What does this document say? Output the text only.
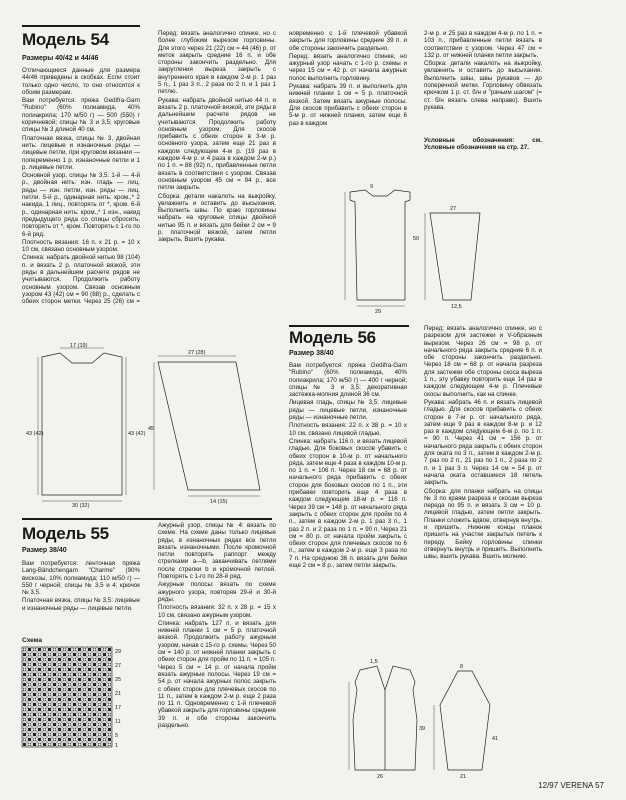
Модель 54
Размеры 40/42 и 44/46

Отличающиеся данные для размера 44/46 приведены в скобках. Если стоит только одно число, то оно относится к обоим размерам.

Вам потребуется: пряжа Gedifra-Garn "Rubino" (60% полиамида, 40% полиакрила; 170 м/50 г) — 500 (550) г коричневой; спицы № 3 и 3,5; круговые спицы № 3 длиной 40 см.

Платочная вязка, спицы № 3, двойная нить: лицевые и изнаночные ряды — лицевые петли, при круговом вязании — попеременно 1 р. изнаночные петли и 1 р. лицевые петли.

Основной узор, спицы № 3,5: 1-й — 4-й р., двойная нить: изн. гладь — лиц. ряды — изн. петли, изн. ряды — лиц. петли. 5-й р., одинарная нить: кром.,* 2 накида, 1 лиц., повторять от *, кром. 6-й р., одинарная нить: кром.,* 1 изн., накид предыдущего ряда со спицы сбросить, повторять от *, кром. Повторять с 1-го по 6-й ряд.

Плотность вязания: 16 п. x 21 р. = 10 x 10 см, связано основным узором.

Спинка: набрать двойной нитью 98 (104) п. и вязать 2 р. платочной вязкой, эти ряды в дальнейшем расчете рядов не учитываются. Продолжить работу основным узором. Связав основным узором 43 (42) см = 90 (88) р., сделать с обеих сторон метки. Через 25 (26) см =

Перед: вязать аналогично спинке, но с более глубоким вырезом горловины. Для этого через 21 (22) см = 44 (46) р. от меток закрыть средние 16 п. и обе стороны закончить раздельно. Для закругления выреза закрыть с внутреннего края в каждом 2-м р. 1 раз 5 п., 1 раз 3 п., 2 раза по 2 п. и 1 раз 1 петлю.

Рукава: набрать двойной нитью 44 п. и вязать 2 р. платочной вязкой, эти ряды в дальнейшем расчете рядов не учитываются. Продолжить работу основным узором. Для скосов прибавить с обеих сторон в 3-м р. основного узора, затем еще 21 раз в каждом следующем 4-м р. (19 раз в каждом 4-м р. и 4 раза в каждом 2-м р.) по 1 п. = 88 (92) п., прибавленные петли вязать в соответствии с узором. Связав основным узором 45 см = 94 р., все петли закрыть.

Сборка: детали накалоть на выкройку, увлажнить и оставить до высыхания. Выполнить швы. По краю горловины набрать на круговые спицы двойной нитью 95 п. и вязать для бейки 2 см = 9 р. платочной вязкой, затем петли закрыть. Вшить рукава.

новременно с 1-й плечевой убавкой закрыть для горловины средние 39 п. и обе стороны закончить раздельно.

Перед: вязать аналогично спинке, но ажурный узор начать с 1-го р. схемы и через 15 см = 42 р. от начала ажурных полос выполнить горловину.

Рукава: набрать 39 п. и выполнить для нижней планки 1 см = 5 р. платочной вязкой. Затем вязать ажурные полосы. Для скосов прибавить с обеих сторон в 5-м р. от нижней планки, затем еще 6 раз в каждом

2-м р. и 25 раз в каждом 4-м р. по 1 п. = 103 п., прибавленные петли вязать в соответствии с узором. Через 47 см = 132 р. от нижней планки петли закрыть.

Сборка: детали накалоть на выкройку, увлажнить и оставить до высыхания. Выполнить швы, швы рукавов — до поперечной метки. Горловину обвязать крючком 1 р. ст. б/н и "рачьим шагом" (= ст. б/н вязать слева направо). Вшить рукава.

Условные обозначения: см. Условные обозначения на стр. 27.
17 (19)
43 (42)	43 (42)
30 (32)
27 (28)
45
14 (15)
9
50
29
27
12,5
Модель 55
Размер 38/40

Вам потребуется: ленточная пряжа Lang-Bändchengarn "Charme" (90% вискозы, 10% полиамида; 110 м/50 г) — 550 г черной; спицы № 3,5 и 4; крючок № 3,5.

Платочная вязка, спицы № 3,5: лицевые и изнаночные ряды — лицевые петли.

Схема
29
27
25
21
17
11
5
1

Ажурный узор, спицы № 4: вязать по схеме. На схеме даны только лицевые ряды, в изнаночных рядах все петли вязать изнаночными. После кромочной петли повторять раппорт между стрелками а—b, заканчивать петлями после стрелки b и кромочной петлей. Повторять с 1-го по 28-й ряд.

Ажурные полосы: вязать по схеме ажурного узора, повторяя 29-й и 30-й ряды.

Плотность вязания: 32 п. x 28 р. = 15 x 10 см, связано ажурным узором.

Спинка: набрать 127 п. и вязать для нижней планки 1 см = 5 р. платочной вязкой. Продолжить работу ажурным узором, начав с 15-го р. схемы. Через 50 см = 140 р. от нижней планки закрыть с обеих сторон для пройм по 11 п. = 105 п. Через 5 см = 14 р. от начала пройм вязать ажурные полосы. Через 19 см = 54 р. от начала ажурных полос закрыть с обеих сторон для плечевых скосов по 11 п., затем в каждом 2-м р. еще 2 раза по 11 п. Одновременно с 1-й плечевой убавкой закрыть для горловины средние 39 п. и обе стороны закончить раздельно.

Модель 56
Размер 38/40

Вам потребуется: пряжа Gedifra-Garn "Rubino" (60% полиамида, 40% полиакрила; 170 м/50 г) — 400 г черной; спицы № 3 и 3,5; декоративная застежка-молния длиной 36 см.

Лицевая гладь, спицы № 3,5: лицевые ряды — лицевые петли, изнаночные ряды — изнаночные петли.

Плотность вязания: 22 п. x 38 р. = 10 x 10 см, связано лицевой гладью.

Спинка: набрать 116 п. и вязать лицевой гладью. Для боковых скосов убавить с обеих сторон в 10-м р. от начального ряда, затем еще 4 раза в каждом 10-м р. по 1 п. = 106 п. Через 18 см = 68 р. от начального ряда прибавить с обеих сторон для боковых скосов по 1 п., эти прибавки повторить еще 4 раза в каждом следующем 18-м р. = 116 п. Через 39 см = 148 р. от начального ряда закрыть с обеих сторон для пройм по 4 п., затем в каждом 2-м р. 1 раз 3 п., 1 раз 2 п. и 2 раза по 1 п. = 90 п. Через 21 см = 80 р. от начала пройм закрыть с обеих сторон для плечевых скосов по 6 п., затем в каждом 2-м р. еще 3 раза по 7 п. На среднюю 36 п. вязать для бейки еще 2 см = 8 р., затем петли закрыть.

Перед: вязать аналогично спинке, но с разрезом для застежки и V-образным вырезом. Через 26 см = 98 р. от начального ряда закрыть средние 6 п. и обе стороны закончить раздельно. Через 18 см = 68 р. от начала разреза для застежки обе стороны скоса выреза 1 п., эту убавку повторить еще 14 раз в каждом следующем 4-м р. Плечевые скосы выполнить, как на спинке.

Рукава: набрать 46 п. и вязать лицевой гладью. Для скосов прибавить с обеих сторон в 7-м р. от начального ряда, затем еще 9 раз в каждом 8-м р. и 12 раз в каждом следующем 6-м р. по 1 п. = 90 п. Через 41 см = 156 р. от начального ряда закрыть с обеих сторон для оката по 3 п., затем в каждом 2-м р. 7 раз по 2 п., 21 раз по 1 п., 2 раза по 2 п. и 1 раз 3 п. Через 14 см = 54 р. от начала оката оставшиеся 18 петель закрыть.

Сборка: для планки набрать на спицы № 3 по краям разреза и скосам выреза переда по 95 п. и вязать 3 см = 10 р. лицевой гладью, затем петли закрыть. Планки сложить вдвое, отвернув внутрь, и пришить. Нижние концы планок пришить на участке закрытых петель к переду. Бейку горловины спинки отвернуть внутрь и пришить. Выполнить швы, вшить рукава. Вшить молнию.

1,5
39
26
8
41
21
12/97 VERENA 57
